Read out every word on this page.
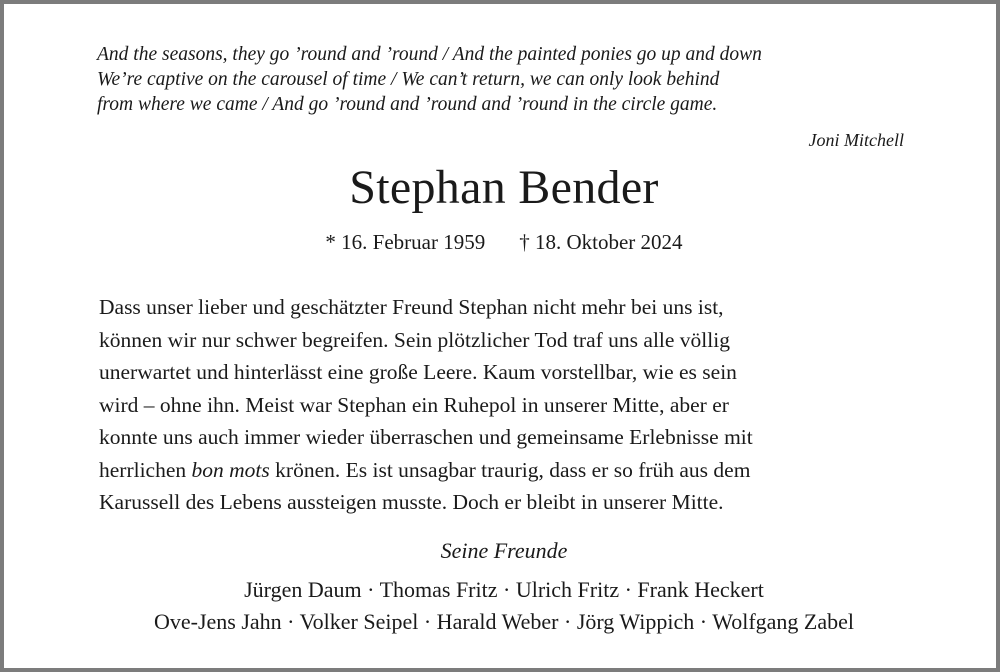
And the seasons, they go ’round and ’round / And the painted ponies go up and down
We’re captive on the carousel of time / We can’t return, we can only look behind
from where we came / And go ’round and ’round and ’round in the circle game.
Joni Mitchell
Stephan Bender
* 16. Februar 1959 † 18. Oktober 2024
Dass unser lieber und geschätzter Freund Stephan nicht mehr bei uns ist,
können wir nur schwer begreifen. Sein plötzlicher Tod traf uns alle völlig
unerwartet und hinterlässt eine große Leere. Kaum vorstellbar, wie es sein
wird – ohne ihn. Meist war Stephan ein Ruhepol in unserer Mitte, aber er
konnte uns auch immer wieder überraschen und gemeinsame Erlebnisse mit
herrlichen bon mots krönen. Es ist unsagbar traurig, dass er so früh aus dem
Karussell des Lebens aussteigen musste. Doch er bleibt in unserer Mitte.
Seine Freunde
Jürgen Daum · Thomas Fritz · Ulrich Fritz · Frank Heckert
Ove-Jens Jahn · Volker Seipel · Harald Weber · Jörg Wippich · Wolfgang Zabel
